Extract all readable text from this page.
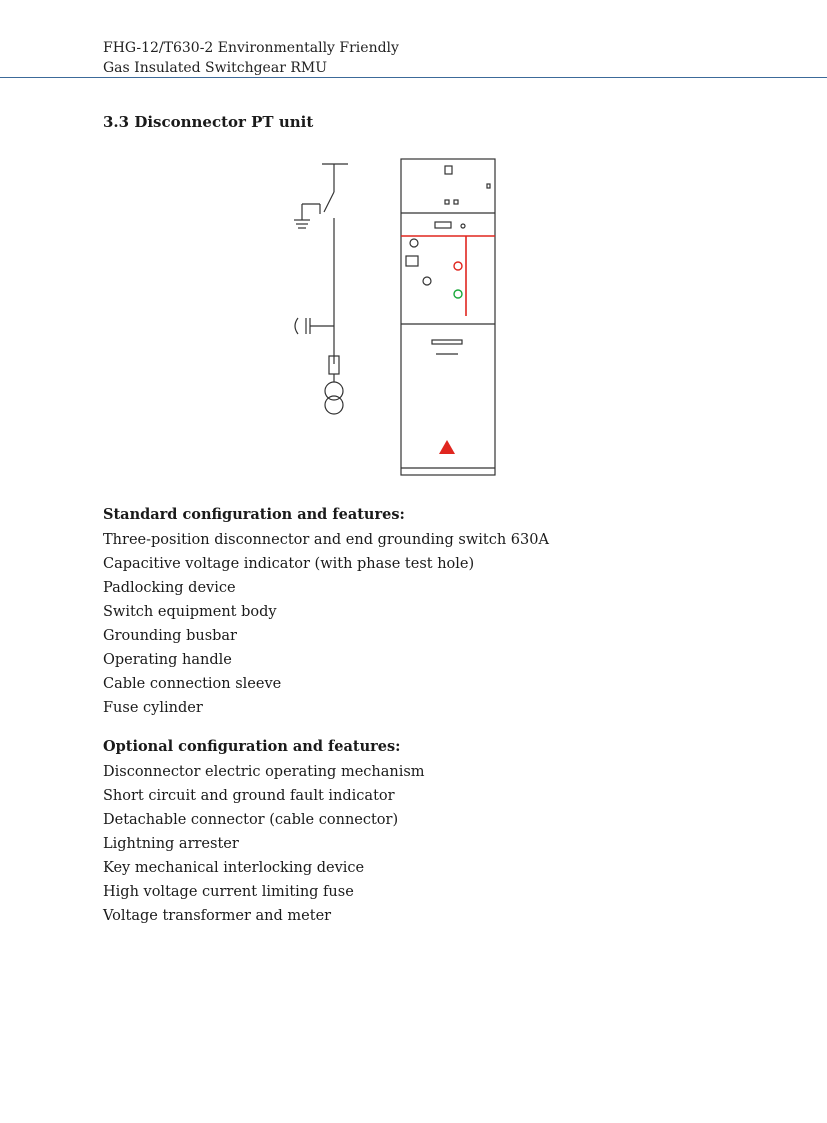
FHG-12/T630-2 Environmentally Friendly
Gas Insulated Switchgear RMU
3.3 Disconnector PT unit
Standard configuration and features:
Three-position disconnector and end grounding switch 630A
Capacitive voltage indicator (with phase test hole)
Padlocking device
Switch equipment body
Grounding busbar
Operating handle
Cable connection sleeve
Fuse cylinder
Optional configuration and features:
Disconnector electric operating mechanism
Short circuit and ground fault indicator
Detachable connector (cable connector)
Lightning arrester
Key mechanical interlocking device
High voltage current limiting fuse
Voltage transformer and meter
